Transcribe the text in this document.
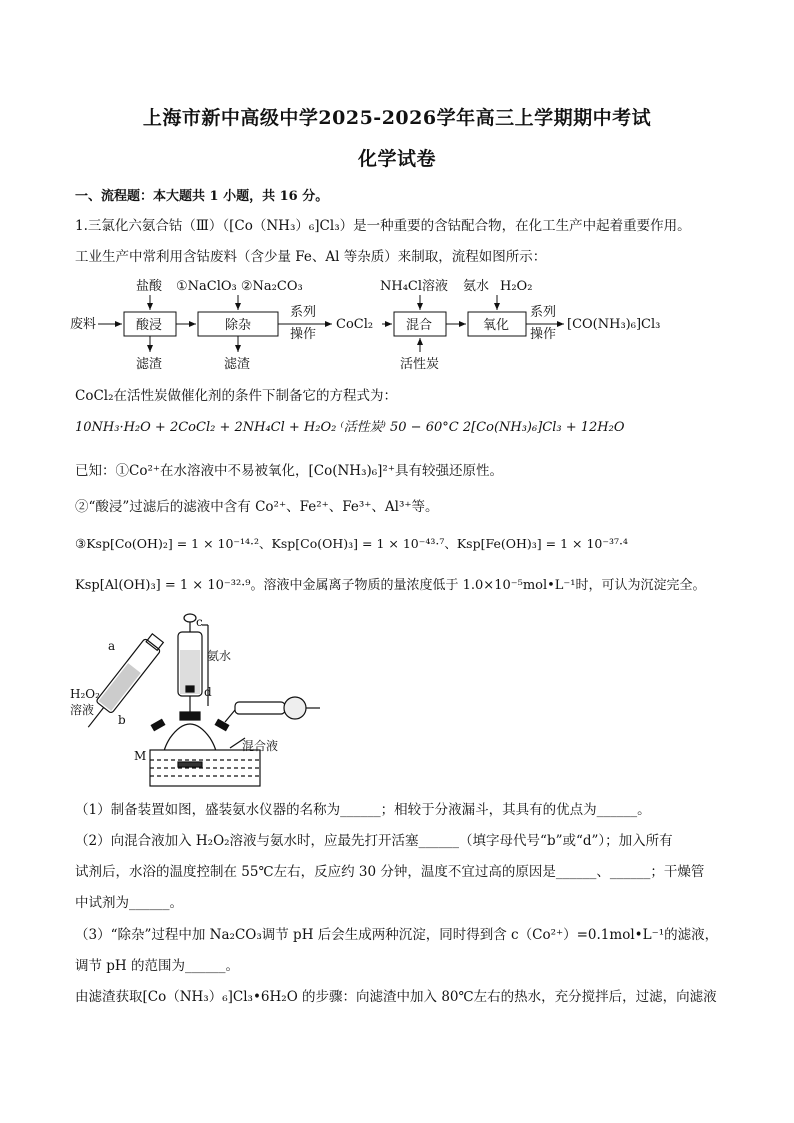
上海市新中高级中学2025-2026学年高三上学期期中考试
化学试卷
一、流程题：本大题共 1 小题，共 16 分。
1.三氯化六氨合钴（Ⅲ）（[Co（NH₃）₆]Cl₃）是一种重要的含钴配合物，在化工生产中起着重要作用。
工业生产中常利用含钴废料（含少量 Fe、Al 等杂质）来制取，流程如图所示：
废料	酸浸	除杂
系列
操作
CoCl₂	混合	氧化
系列
操作
[CO(NH₃)₆]Cl₃
盐酸 ①NaClO₃ ②Na₂CO₃	NH₄Cl溶液 氨水 H₂O₂
滤渣	滤渣	活性炭
CoCl₂在活性炭做催化剂的条件下制备它的方程式为：
10NH₃·H₂O + 2CoCl₂ + 2NH₄Cl + H₂O₂ ⁽活性炭⁾ 50 − 60°C 2[Co(NH₃)₆]Cl₃ + 12H₂O
已知：①Co²⁺在水溶液中不易被氧化，[Co(NH₃)₆]²⁺具有较强还原性。
②“酸浸”过滤后的滤液中含有 Co²⁺、Fe²⁺、Fe³⁺、Al³⁺等。
③Ksp[Co(OH)₂] = 1 × 10⁻¹⁴·²、Ksp[Co(OH)₃] = 1 × 10⁻⁴³·⁷、Ksp[Fe(OH)₃] = 1 × 10⁻³⁷·⁴
Ksp[Al(OH)₃] = 1 × 10⁻³²·⁹。溶液中金属离子物质的量浓度低于 1.0×10⁻⁵mol•L⁻¹时，可认为沉淀完全。
a
b
c
d
M
H₂O₂
溶液
氨水
混合液
（1）制备装置如图，盛装氨水仪器的名称为______；相较于分液漏斗，其具有的优点为______。
（2）向混合液加入 H₂O₂溶液与氨水时，应最先打开活塞______（填字母代号“b”或“d”）；加入所有
试剂后，水浴的温度控制在 55℃左右，反应约 30 分钟，温度不宜过高的原因是______、______；干燥管
中试剂为______。
（3）“除杂”过程中加 Na₂CO₃调节 pH 后会生成两种沉淀，同时得到含 c（Co²⁺）=0.1mol•L⁻¹的滤液，
调节 pH 的范围为______。
由滤渣获取[Co（NH₃）₆]Cl₃•6H₂O 的步骤：向滤渣中加入 80℃左右的热水，充分搅拌后，过滤，向滤液
